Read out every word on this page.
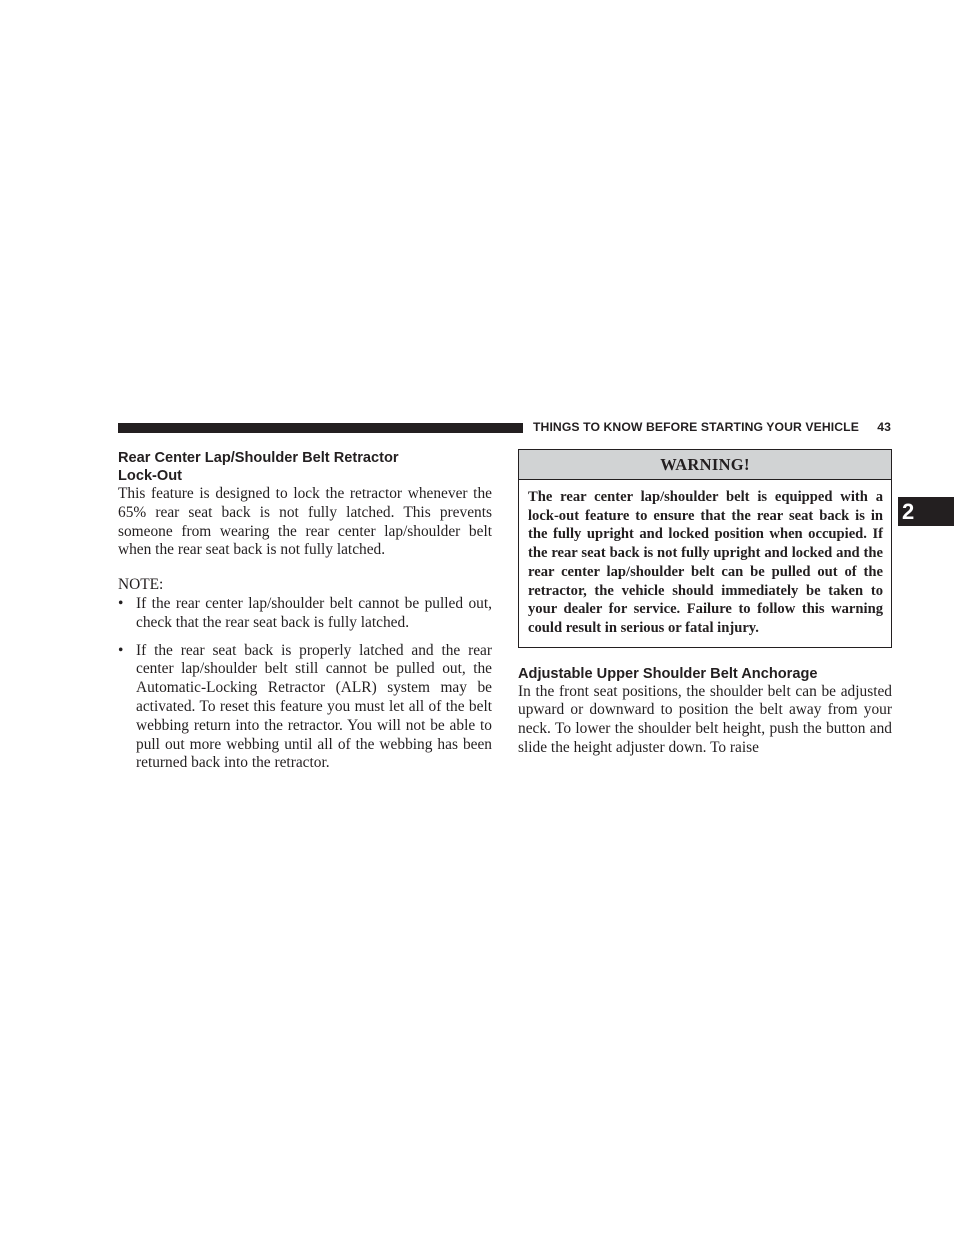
THINGS TO KNOW BEFORE STARTING YOUR VEHICLE 43
2
Rear Center Lap/Shoulder Belt Retractor
Lock-Out

This feature is designed to lock the retractor whenever the 65% rear seat back is not fully latched. This prevents someone from wearing the rear center lap/shoulder belt when the rear seat back is not fully latched.

NOTE:

• If the rear center lap/shoulder belt cannot be pulled out, check that the rear seat back is fully latched.
• If the rear seat back is properly latched and the rear center lap/shoulder belt still cannot be pulled out, the Automatic-Locking Retractor (ALR) system may be activated. To reset this feature you must let all of the belt webbing return into the retractor. You will not be able to pull out more webbing until all of the webbing has been returned back into the retractor.
WARNING!
The rear center lap/shoulder belt is equipped with a lock-out feature to ensure that the rear seat back is in the fully upright and locked position when occupied. If the rear seat back is not fully upright and locked and the rear center lap/shoulder belt can be pulled out of the retractor, the vehicle should immediately be taken to your dealer for service. Failure to follow this warning could result in serious or fatal injury.
Adjustable Upper Shoulder Belt Anchorage

In the front seat positions, the shoulder belt can be adjusted upward or downward to position the belt away from your neck. To lower the shoulder belt height, push the button and slide the height adjuster down. To raise
